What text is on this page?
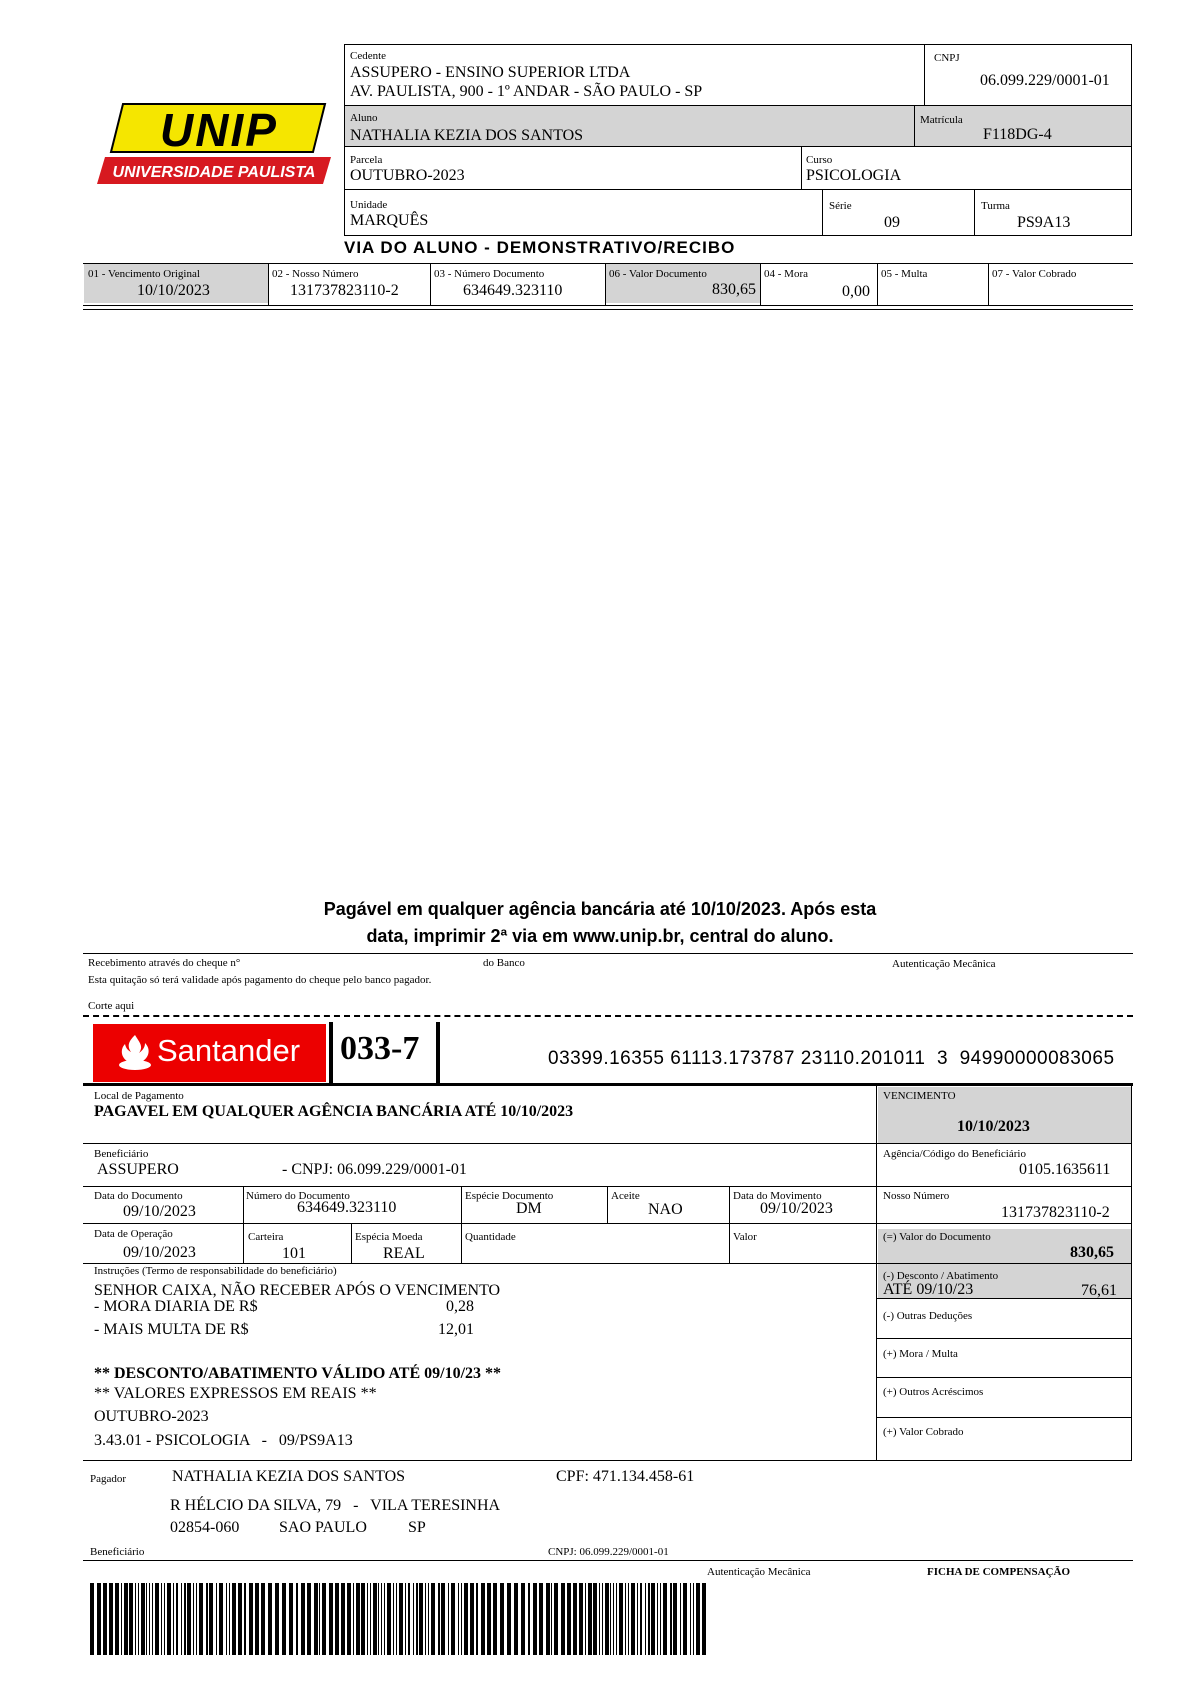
UNIP
UNIVERSIDADE PAULISTA
Cedente
ASSUPERO - ENSINO SUPERIOR LTDA
AV. PAULISTA, 900 - 1º ANDAR - SÃO PAULO - SP
CNPJ
06.099.229/0001-01
Aluno
NATHALIA KEZIA DOS SANTOS
Matrícula
F118DG-4
Parcela
OUTUBRO-2023
Curso
PSICOLOGIA
Unidade
MARQUÊS
Série
09
Turma
PS9A13
VIA DO ALUNO - DEMONSTRATIVO/RECIBO
01 - Vencimento Original
10/10/2023
02 - Nosso Número
131737823110-2
03 - Número Documento
634649.323110
06 - Valor Documento
830,65
04 - Mora
0,00
05 - Multa	07 - Valor Cobrado
Pagável em qualquer agência bancária até 10/10/2023. Após esta
data, imprimir 2ª via em www.unip.br, central do aluno.
Recebimento através do cheque n°	do Banco	Autenticação Mecânica
Esta quitação só terá validade após pagamento do cheque pelo banco pagador.
Corte aqui
Santander 033-7	03399.16355 61113.173787 23110.201011  3  94990000083065
Local de Pagamento
PAGAVEL EM QUALQUER AGÊNCIA BANCÁRIA ATÉ 10/10/2023
VENCIMENTO
10/10/2023
Beneficiário
ASSUPERO	- CNPJ: 06.099.229/0001-01
Agência/Código do Beneficiário
0105.1635611
Data do Documento
09/10/2023
Número do Documento
634649.323110
Espécie Documento
DM
Aceite
NAO
Data do Movimento
09/10/2023
Nosso Número
131737823110-2
Data de Operação
09/10/2023
Carteira
101
Espécia Moeda
REAL
Quantidade	Valor	(=) Valor do Documento
830,65
Instruções (Termo de responsabilidade do beneficiário)
SENHOR CAIXA, NÃO RECEBER APÓS O VENCIMENTO
- MORA DIARIA DE R$	0,28
- MAIS MULTA DE R$	12,01
** DESCONTO/ABATIMENTO VÁLIDO ATÉ 09/10/23 **
** VALORES EXPRESSOS EM REAIS **
OUTUBRO-2023
3.43.01 - PSICOLOGIA   -   09/PS9A13
(-) Desconto / Abatimento
ATÉ 09/10/23	76,61
(-) Outras Deduções
(+) Mora / Multa
(+) Outros Acréscimos
(+) Valor Cobrado
Pagador	NATHALIA KEZIA DOS SANTOS	CPF: 471.134.458-61
R HÉLCIO DA SILVA, 79   -   VILA TERESINHA
02854-060 SAO PAULO	SP
Beneficiário	CNPJ: 06.099.229/0001-01
Autenticação Mecânica	FICHA DE COMPENSAÇÃO
